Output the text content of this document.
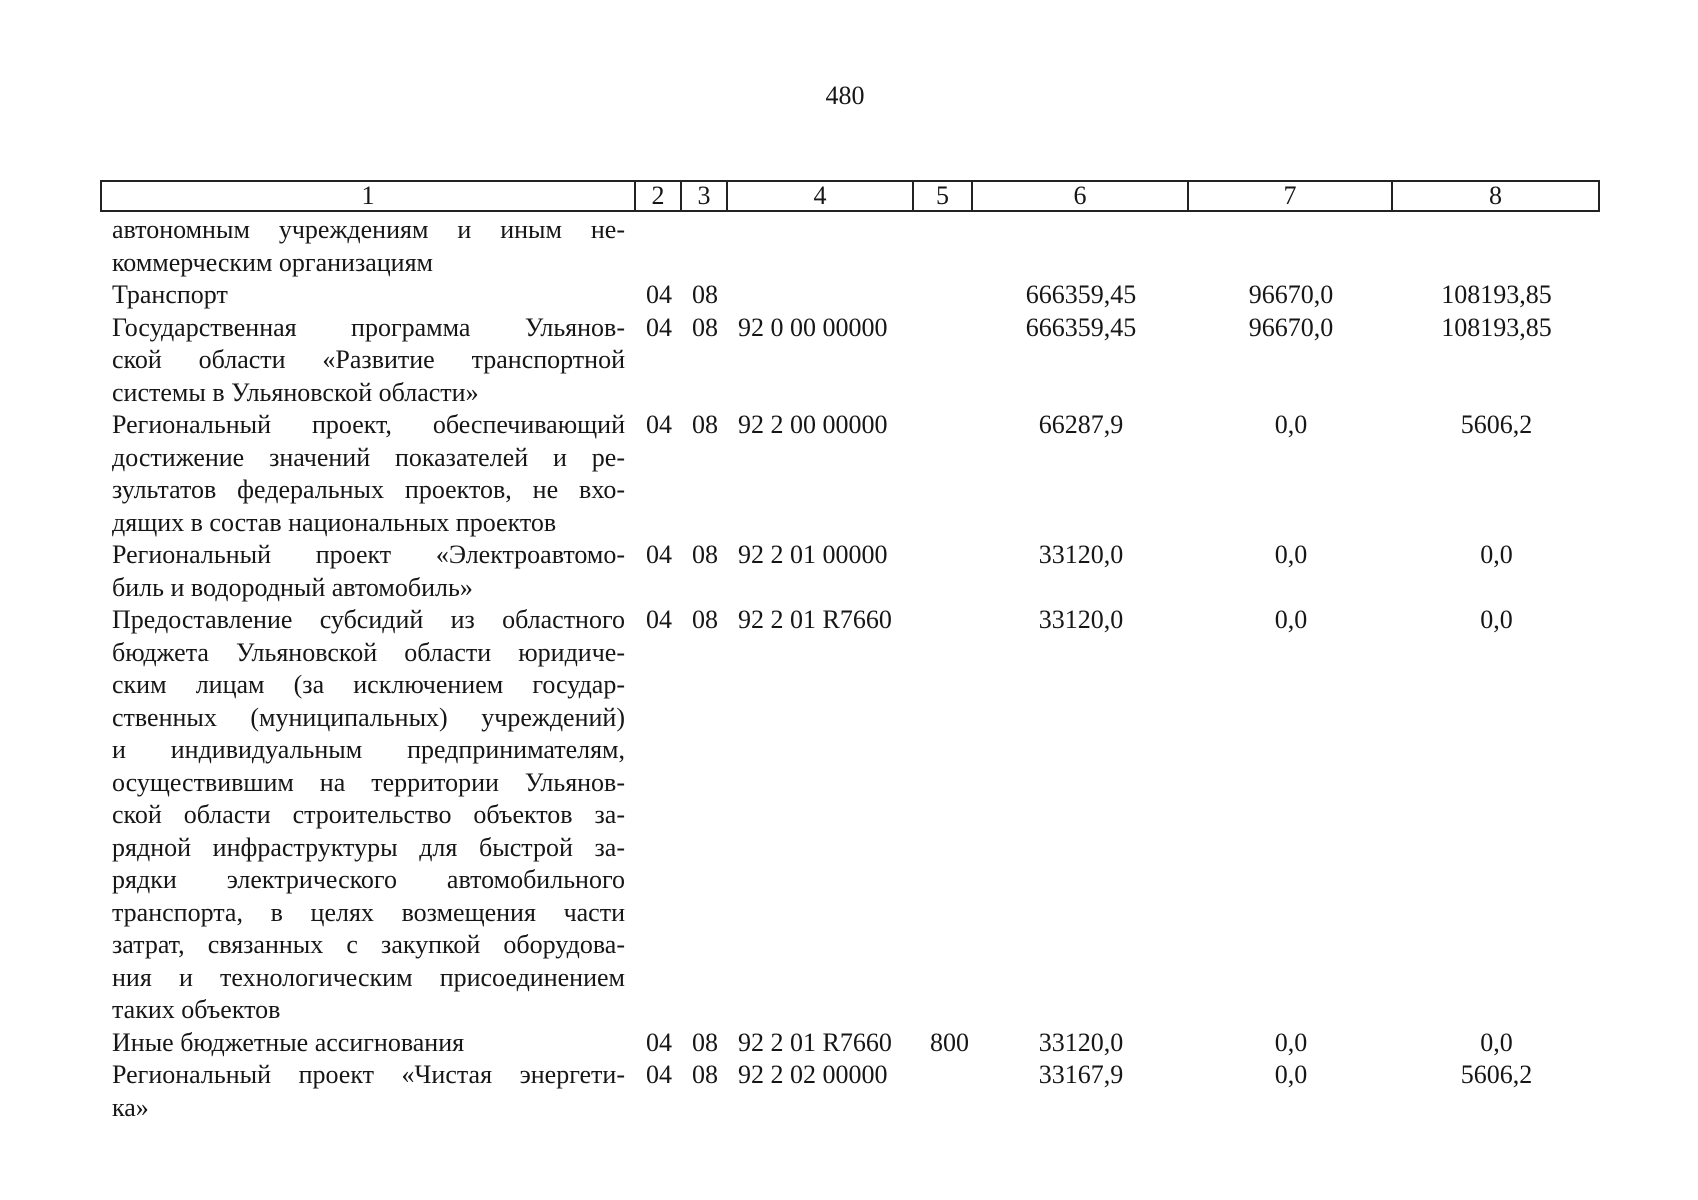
480
1	2	3	4	5	6	7	8
автономным учреждениям и иным не-
коммерческим организациям
Транспорт	04 08	666359,45	96670,0	108193,85
Государственная программа Ульянов-
ской области «Развитие транспортной
системы в Ульяновской области»
04 08 92 0 00 00000	666359,45	96670,0	108193,85
Региональный проект, обеспечивающий
достижение значений показателей и ре-
зультатов федеральных проектов, не вхо-
дящих в состав национальных проектов
04 08 92 2 00 00000	66287,9	0,0	5606,2
Региональный проект «Электроавтомо-
биль и водородный автомобиль»
04 08 92 2 01 00000	33120,0	0,0	0,0
Предоставление субсидий из областного
бюджета Ульяновской области юридиче-
ским лицам (за исключением государ-
ственных (муниципальных) учреждений)
и индивидуальным предпринимателям,
осуществившим на территории Ульянов-
ской области строительство объектов за-
рядной инфраструктуры для быстрой за-
рядки электрического автомобильного
транспорта, в целях возмещения части
затрат, связанных с закупкой оборудова-
ния и технологическим присоединением
таких объектов
04 08 92 2 01 R7660	33120,0	0,0	0,0
Иные бюджетные ассигнования	04 08 92 2 01 R7660	800	33120,0	0,0	0,0
Региональный проект «Чистая энергети-
ка»
04 08 92 2 02 00000	33167,9	0,0	5606,2
